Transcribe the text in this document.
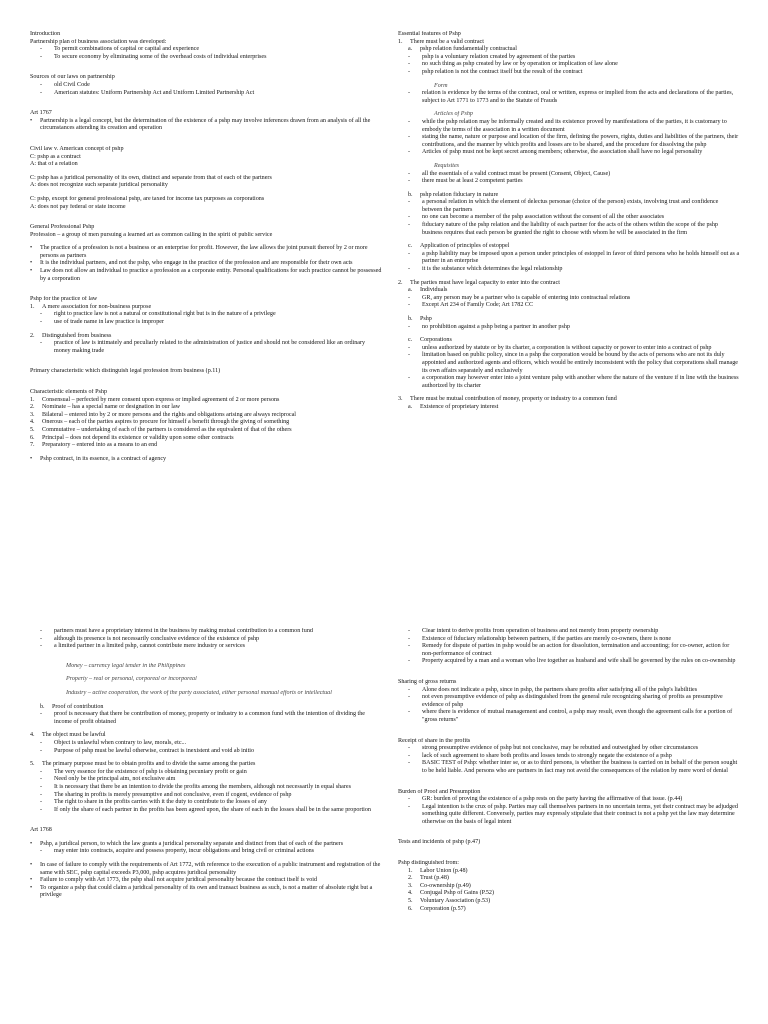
Introduction
Partnership plan of business association was developed:
-	To permit combinations of capital or capital and experience
-	To secure economy by eliminating some of the overhead costs of individual enterprises
Sources of our laws on partnership
-	old Civil Code
-	American statutes: Uniform Partnership Act and Uniform Limited Partnership Act
Art 1767
•	Partnership is a legal concept, but the determination of the existence of a pshp may involve inferences drawn from an analysis of all the circumstances attending its creation and operation
Civil law v. American concept of pshp
C: pshp as a contract
A: that of a relation
C: pshp has a juridical personality of its own, distinct and separate from that of each of the partners
A: does not recognize such separate juridical personality
C: pshp, except for general professional pshp, are taxed for income tax purposes as corporations
A: does not pay federal or state income
General Professional Pshp
Profession – a group of men pursuing a learned art as common calling in the spirit of public service
•	The practice of a profession is not a business or an enterprise for profit. However, the law allows the joint pursuit thereof by 2 or more persons as partners
•	It is the individual partners, and not the pshp, who engage in the practice of the profession and are responsible for their own acts
•	Law does not allow an individual to practice a profession as a corporate entity. Personal qualifications for such practice cannot be possessed by a corporation
Pshp for the practice of law
1.	A mere association for non-business purpose
-	right to practice law is not a natural or constitutional right but is in the nature of a privilege
-	use of trade name in law practice is improper
2.	Distinguished from business
-	practice of law is intimately and peculiarly related to the administration of justice and should not be considered like an ordinary money making trade
Primary characteristic which distinguish legal profession from business (p.11)
Characteristic elements of Pshp
1.	Consensual – perfected by mere consent upon express or implied agreement of 2 or more persons
2.	Nominate – has a special name or designation in our law
3.	Bilateral – entered into by 2 or more persons and the rights and obligations arising are always reciprocal
4.	Onerous – each of the parties aspires to procure for himself a benefit through the giving of something
5.	Commutative – undertaking of each of the partners is considered as the equivalent of that of the others
6.	Principal – does not depend its existence or validity upon some other contracts
7.	Preparatory – entered into as a means to an end
•	Pshp contract, in its essence, is a contract of agency
Essential features of Pshp
1.	There must be a valid contract
a.	pshp relation fundamentally contractual
-	pshp is a voluntary relation created by agreement of the parties
-	no such thing as pshp created by law or by operation or implication of law alone
-	pshp relation is not the contract itself but the result of the contract
Form
-	relation is evidence by the terms of the contract, oral or written, express or implied from the acts and declarations of the parties, subject to Art 1771 to 1773 and to the Statute of Frauds
Articles of Pshp
-	while the pshp relation may be informally created and its existence proved by manifestations of the parties, it is customary to embody the terms of the association in a written document
-	stating the name, nature or purpose and location of the firm, defining the powers, rights, duties and liabilities of the partners, their contributions, and the manner by which profits and losses are to be shared, and the procedure for dissolving the pshp
-	Articles of pshp must not be kept secret among members; otherwise, the association shall have no legal personality
Requisites
-	all the essentials of a valid contract must be present (Consent, Object, Cause)
-	there must be at least 2 competent parties
b.	pshp relation fiduciary in nature
-	a personal relation in which the element of delectus personae (choice of the person) exists, involving trust and confidence between the partners
-	no one can become a member of the pshp association without the consent of all the other associates
-	fiduciary nature of the pshp relation and the liability of each partner for the acts of the others within the scope of the pshp business requires that each person be granted the right to choose with whom he will be associated in the firm
c.	Application of principles of estoppel
-	a pshp liability may be imposed upon a person under principles of estoppel in favor of third persons who he holds himself out as a partner in an enterprise
-	it is the substance which determines the legal relationship
2.	The parties must have legal capacity to enter into the contract
a.	Individuals
-	GR, any person may be a partner who is capable of entering into contractual relations
-	Except Art 234 of Family Code; Art 1782 CC
b.	Pshp
-	no prohibition against a pshp being a partner in another pshp
c.	Corporations
-	unless authorized by statute or by its charter, a corporation is without capacity or power to enter into a contract of pshp
-	limitation based on public policy, since in a pshp the corporation would be bound by the acts of persons who are not its duly appointed and authorized agents and officers, which would be entirely inconsistent with the policy that corporations shall manage its own affairs separately and exclusively
-	a corporation may however enter into a joint venture pshp with another where the nature of the venture if in line with the business authorized by its charter
3.	There must be mutual contribution of money, property or industry to a common fund
a.	Existence of proprietary interest
-	partners must have a proprietary interest in the business by making mutual contribution to a common fund
-	although its presence is not necessarily conclusive evidence of the existence of pshp
-	a limited partner in a limited pshp, cannot contribute mere industry or services
Money – currency legal tender in the Philippines
Property – real or personal, corporeal or incorporeal
Industry – active cooperation, the work of the party associated, either personal manual efforts or intellectual
b.	Proof of contribution
-	proof is necessary that there be contribution of money, property or industry to a common fund with the intention of dividing the income of profit obtained
4.	The object must be lawful
-	Object is unlawful when contrary to law, morals, etc...
-	Purpose of pshp must be lawful otherwise, contract is inexistent and void ab initio
5.	The primary purpose must be to obtain profits and to divide the same among the parties
-	The very essence for the existence of pshp is obtaining pecuniary profit or gain
-	Need only be the principal aim, not exclusive aim
-	It is necessary that there be an intention to divide the profits among the members, although not necessarily in equal shares
-	The sharing in profits is merely presumptive and not conclusive, even if cogent, evidence of pshp
-	The right to share in the profits carries with it the duty to contribute to the losses of any
-	If only the share of each partner in the profits has been agreed upon, the share of each in the losses shall be in the same proportion
Art 1768
•	Pshp, a juridical person, to which the law grants a juridical personality separate and distinct from that of each of the partners
-	may enter into contracts, acquire and possess property, incur obligations and bring civil or criminal actions
•	In case of failure to comply with the requirements of Art 1772, with reference to the execution of a public instrument and registration of the same with SEC, pshp capital exceeds P3,000, pshp acquires juridical personality
•	Failure to comply with Art 1773, the pshp shall not acquire juridical personality because the contract itself is void
•	To organize a pshp that could claim a juridical personality of its own and transact business as such, is not a matter of absolute right but a privilege
-	Clear intent to derive profits from operation of business and not merely from property ownership
-	Existence of fiduciary relationship between partners, if the parties are merely co-owners, there is none
-	Remedy for dispute of parties in pshp would be an action for dissolution, termination and accounting; for co-owner, action for non-performance of contract
-	Property acquired by a man and a woman who live together as husband and wife shall be governed by the rules on co-ownership
Sharing of gross returns
-	Alone does not indicate a pshp, since in pshp, the partners share profits after satisfying all of the pshp's liabilities
-	not even presumptive evidence of pshp as distinguished from the general rule recognizing sharing of profits as presumptive evidence of pshp
-	where there is evidence of mutual management and control, a pshp may result, even though the agreement calls for a portion of "gross returns"
Receipt of share in the profits
-	strong presumptive evidence of pshp but not conclusive, may be rebutted and outweighed by other circumstances
-	lack of such agreement to share both profits and losses tends to strongly negate the existence of a pshp
-	BASIC TEST of Pshp: whether inter se, or as to third persons, is whether the business is carried on in behalf of the person sought to be held liable. And persons who are partners in fact may not avoid the consequences of the relation by mere word of denial
Burden of Proof and Presumption
-	GR: burden of proving the existence of a pshp rests on the party having the affirmative of that issue. (p.44)
-	Legal intention is the crux of pshp. Parties may call themselves partners in no uncertain terms, yet their contract may be adjudged something quite different. Conversely, parties may expressly stipulate that their contract is not a pshp yet the law may determine otherwise on the basis of legal intent
Tests and incidents of pshp (p.47)
Pshp distinguished from:
1.	Labor Union (p.48)
2.	Trust (p.48)
3.	Co-ownership (p.49)
4.	Conjugal Pshp of Gains (P.52)
5.	Voluntary Association (p.53)
6.	Corporation (p.57)
